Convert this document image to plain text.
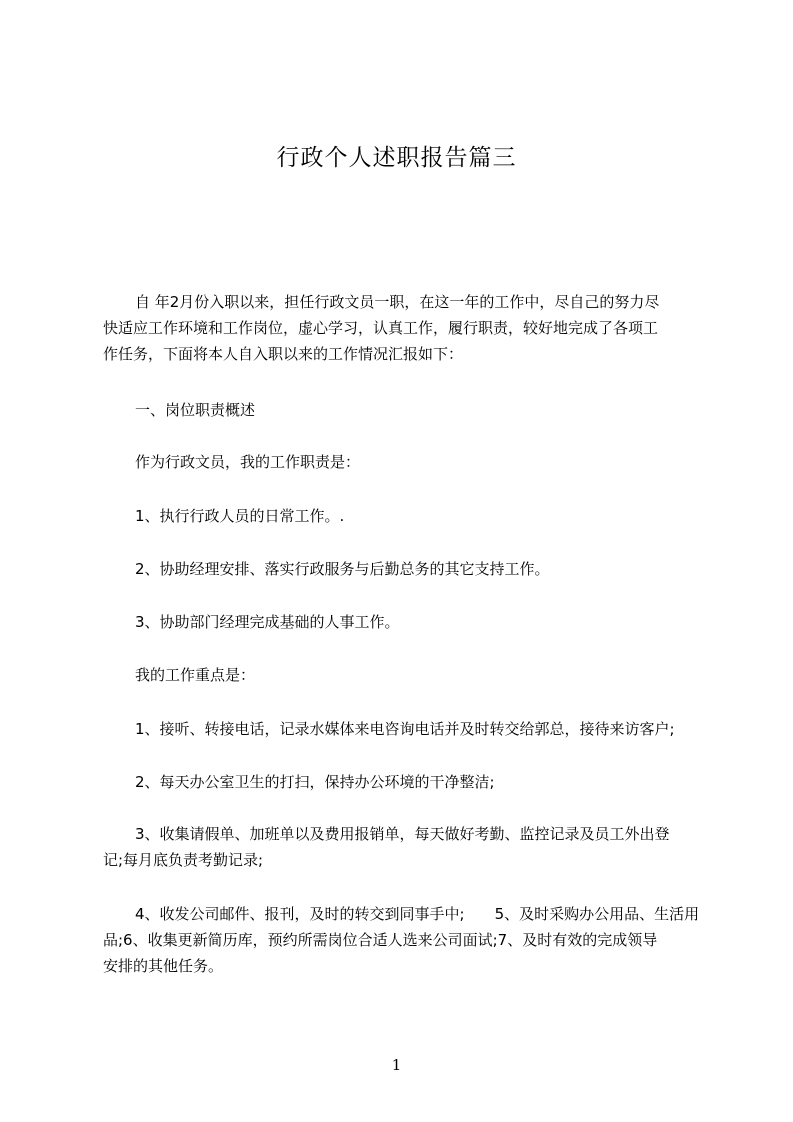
行政个人述职报告篇三
自 年2月份入职以来，担任行政文员一职，在这一年的工作中，尽自己的努力尽
快适应工作环境和工作岗位，虚心学习，认真工作，履行职责，较好地完成了各项工
作任务，下面将本人自入职以来的工作情况汇报如下：

一、岗位职责概述

作为行政文员，我的工作职责是：

1、执行行政人员的日常工作。.

2、协助经理安排、落实行政服务与后勤总务的其它支持工作。

3、协助部门经理完成基础的人事工作。

我的工作重点是：

1、接听、转接电话，记录水媒体来电咨询电话并及时转交给郭总，接待来访客户;

2、每天办公室卫生的打扫，保持办公环境的干净整洁;

3、收集请假单、加班单以及费用报销单，每天做好考勤、监控记录及员工外出登
记;每月底负责考勤记录;
4、收发公司邮件、报刊，及时的转交到同事手中;　　5、及时采购办公用品、生活用
品;6、收集更新简历库，预约所需岗位合适人选来公司面试;7、及时有效的完成领导
安排的其他任务。
1
